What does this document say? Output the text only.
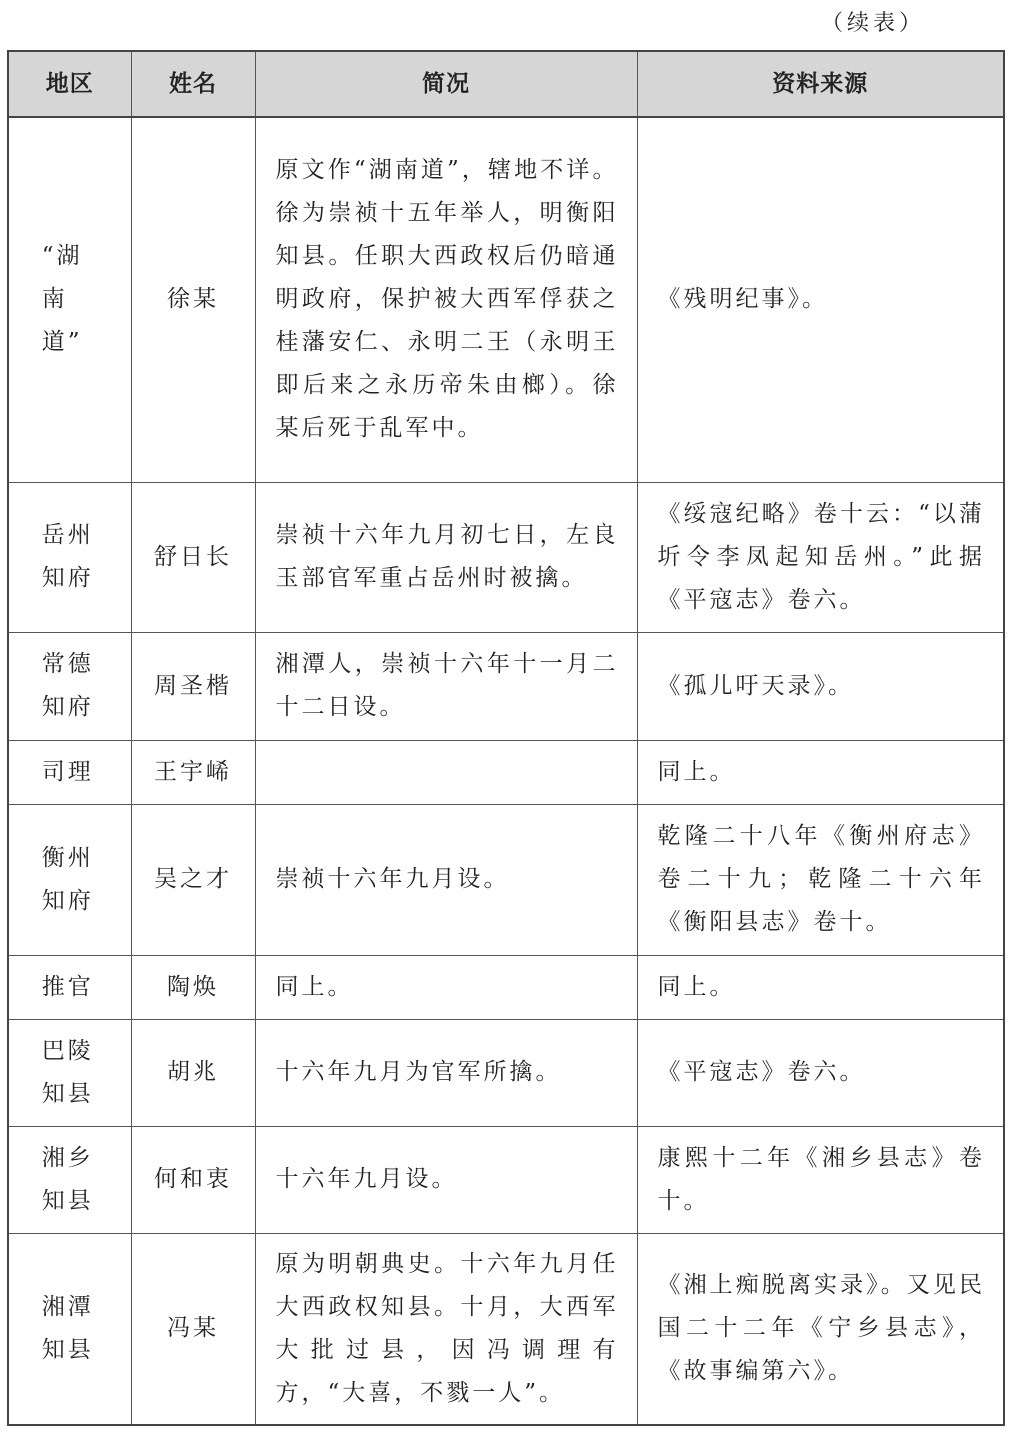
（续表）
地区	姓名	简况	资料来源
“湖南道”	徐某	原文作“湖南道”，辖地不详。徐为崇祯十五年举人，明衡阳知县。任职大西政权后仍暗通明政府，保护被大西军俘获之桂藩安仁、永明二王（永明王即后来之永历帝朱由榔）。徐某后死于乱军中。	《残明纪事》。
岳州知府	舒日长	崇祯十六年九月初七日，左良玉部官军重占岳州时被擒。	《绥寇纪略》卷十云：“以蒲圻令李凤起知岳州。”此据《平寇志》卷六。
常德知府	周圣楷	湘潭人，崇祯十六年十一月二十二日设。	《孤儿吁天录》。
司理	王宇㟓		同上。
衡州知府	吴之才	崇祯十六年九月设。	乾隆二十八年《衡州府志》卷二十九；乾隆二十六年《衡阳县志》卷十。
推官	陶焕	同上。	同上。
巴陵知县	胡兆	十六年九月为官军所擒。	《平寇志》卷六。
湘乡知县	何和衷	十六年九月设。	康熙十二年《湘乡县志》卷十。
湘潭知县	冯某	原为明朝典史。十六年九月任大西政权知县。十月，大西军大批过县，因冯调理有方，“大喜，不戮一人”。	《湘上痴脱离实录》。又见民国二十二年《宁乡县志》，《故事编第六》。
